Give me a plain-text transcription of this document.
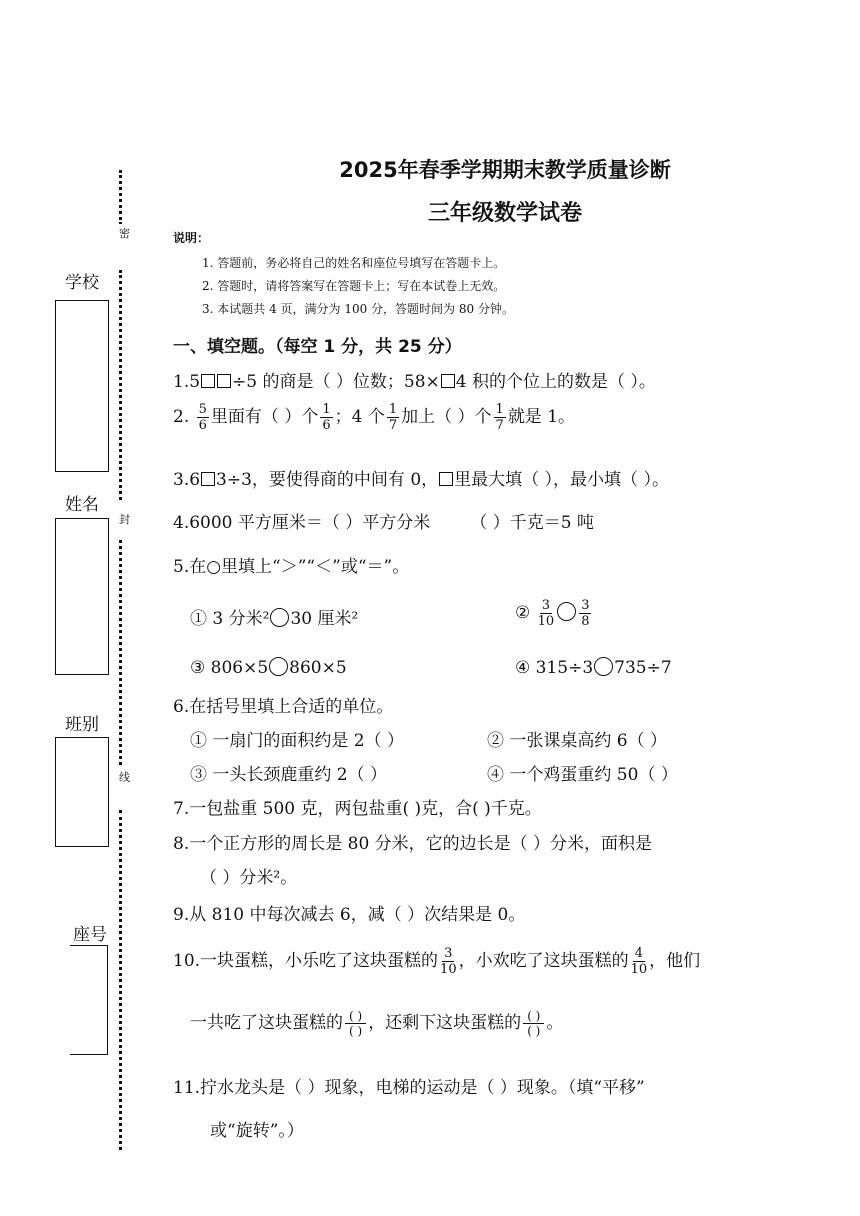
密
封
线
学校
姓名
班别
座号
2025年春季学期期末教学质量诊断
三年级数学试卷
说明：
1. 答题前，务必将自己的姓名和座位号填写在答题卡上。
2. 答题时，请将答案写在答题卡上；写在本试卷上无效。
3. 本试题共 4 页，满分为 100 分，答题时间为 80 分钟。
一、填空题。（每空 1 分，共 25 分）
1.5 ÷5 的商是（ ）位数；58× 4 积的个位上的数是（ ）。
2. $\frac{5}{6}$ 里面有（ ）个 $\frac{1}{6}$ ；4 个 $\frac{1}{7}$ 加上（ ）个 $\frac{1}{7}$ 就是 1。
3.6 3÷3，要使得商的中间有 0， 里最大填（ ），最小填（ ）。
4.6000 平方厘米＝（ ）平方分米 （ ）千克＝5 吨
5.在○里填上“＞”“＜”或“＝”。
① 3 分米² 30 厘米²	② $\frac{3}{10} \frac{3}{8}$
③ 806×5 860×5	④ 315÷3 735÷7
6.在括号里填上合适的单位。
① 一扇门的面积约是 2（ ）	② 一张课桌高约 6（ ）
③ 一头长颈鹿重约 2（ ）	④ 一个鸡蛋重约 50（ ）
7.一包盐重 500 克，两包盐重( )克，合( )千克。
8.一个正方形的周长是 80 分米，它的边长是（ ）分米，面积是
（ ）分米²。
9.从 810 中每次减去 6，减（ ）次结果是 0。
10.一块蛋糕，小乐吃了这块蛋糕的 $\frac{3}{10}$ ，小欢吃了这块蛋糕的 $\frac{4}{10}$ ，他们
一共吃了这块蛋糕的 ( )
( ) ，还剩下这块蛋糕的 ( )
( ) 。
11.拧水龙头是（ ）现象，电梯的运动是（ ）现象。（填“平移”
或“旋转”。）
